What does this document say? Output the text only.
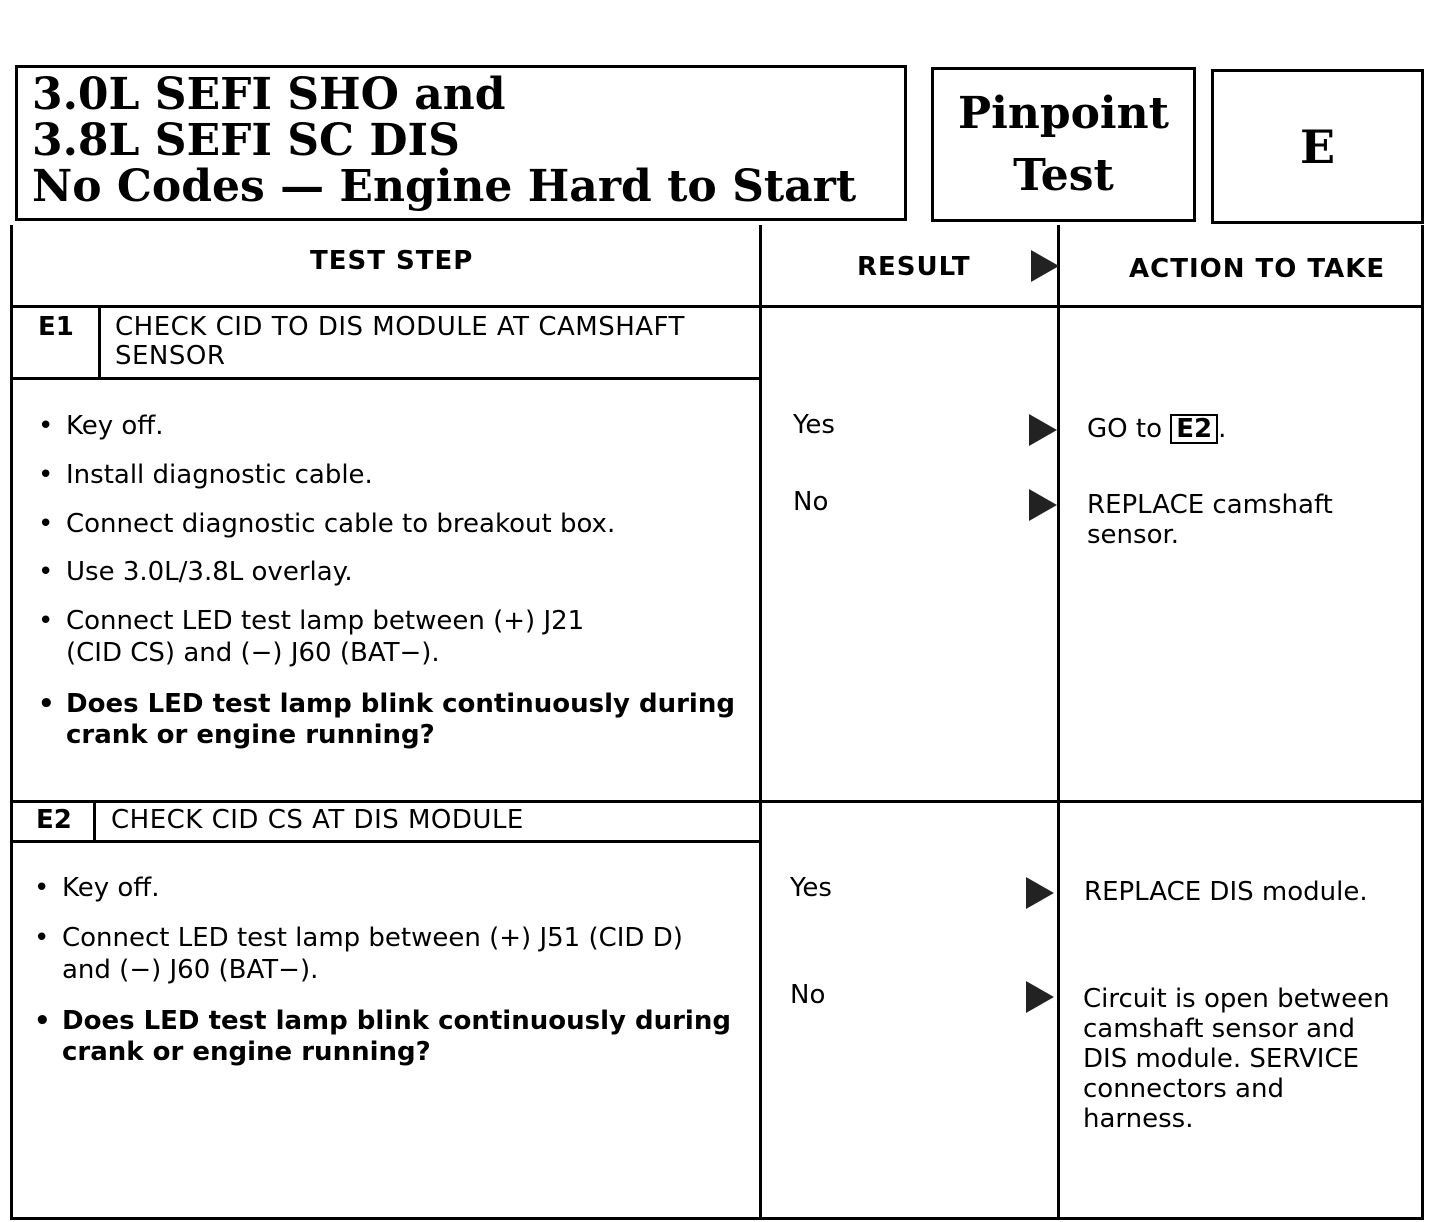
3.0L SEFI SHO and
3.8L SEFI SC DIS
No Codes — Engine Hard to Start
Pinpoint
Test
E
TEST STEP	RESULT	ACTION TO TAKE
E1 CHECK CID TO DIS MODULE AT CAMSHAFT
SENSOR
• Key off.
• Install diagnostic cable.
• Connect diagnostic cable to breakout box.
• Use 3.0L/3.8L overlay.
• Connect LED test lamp between (+) J21
(CID CS) and (−) J60 (BAT−).
• Does LED test lamp blink continuously during
crank or engine running?
Yes	GO to E2 .
No	REPLACE camshaft
sensor.
E2 CHECK CID CS AT DIS MODULE
• Key off.
• Connect LED test lamp between (+) J51 (CID D)
and (−) J60 (BAT−).
• Does LED test lamp blink continuously during
crank or engine running?
Yes	REPLACE DIS module.
No	Circuit is open between
camshaft sensor and
DIS module. SERVICE
connectors and
harness.
